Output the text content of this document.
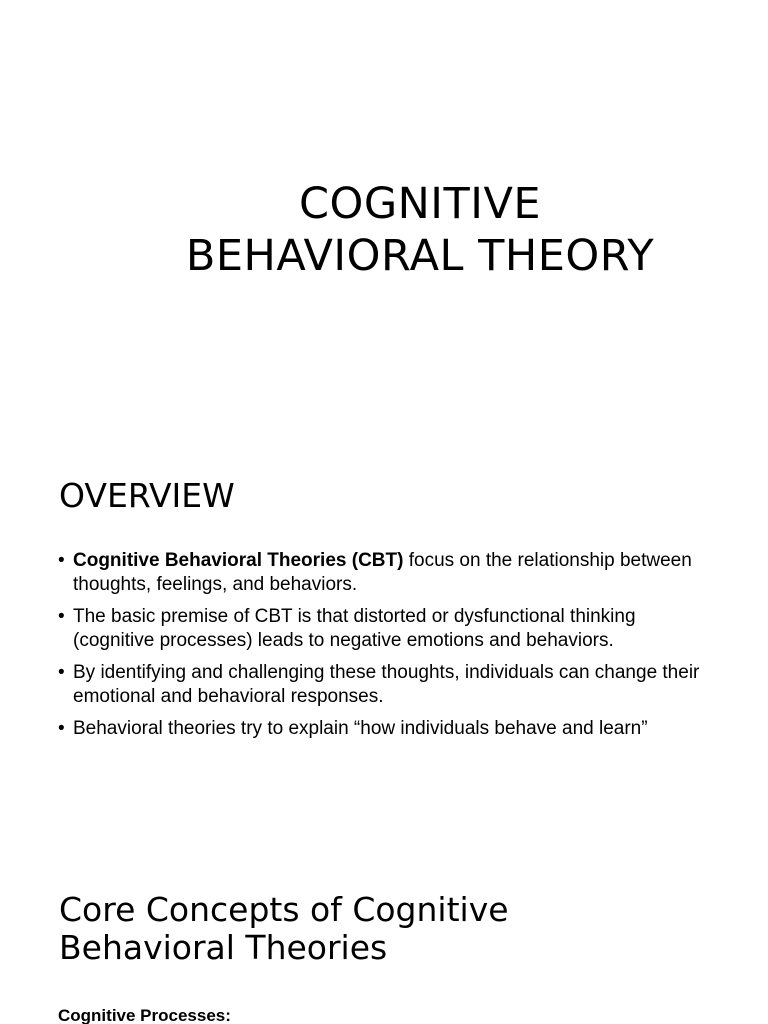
COGNITIVE
BEHAVIORAL THEORY
OVERVIEW
• Cognitive Behavioral Theories (CBT) focus on the relationship between thoughts, feelings, and behaviors.
• The basic premise of CBT is that distorted or dysfunctional thinking (cognitive processes) leads to negative emotions and behaviors.
• By identifying and challenging these thoughts, individuals can change their emotional and behavioral responses.
• Behavioral theories try to explain “how individuals behave and learn”
Core Concepts of Cognitive
Behavioral Theories
Cognitive Processes:
